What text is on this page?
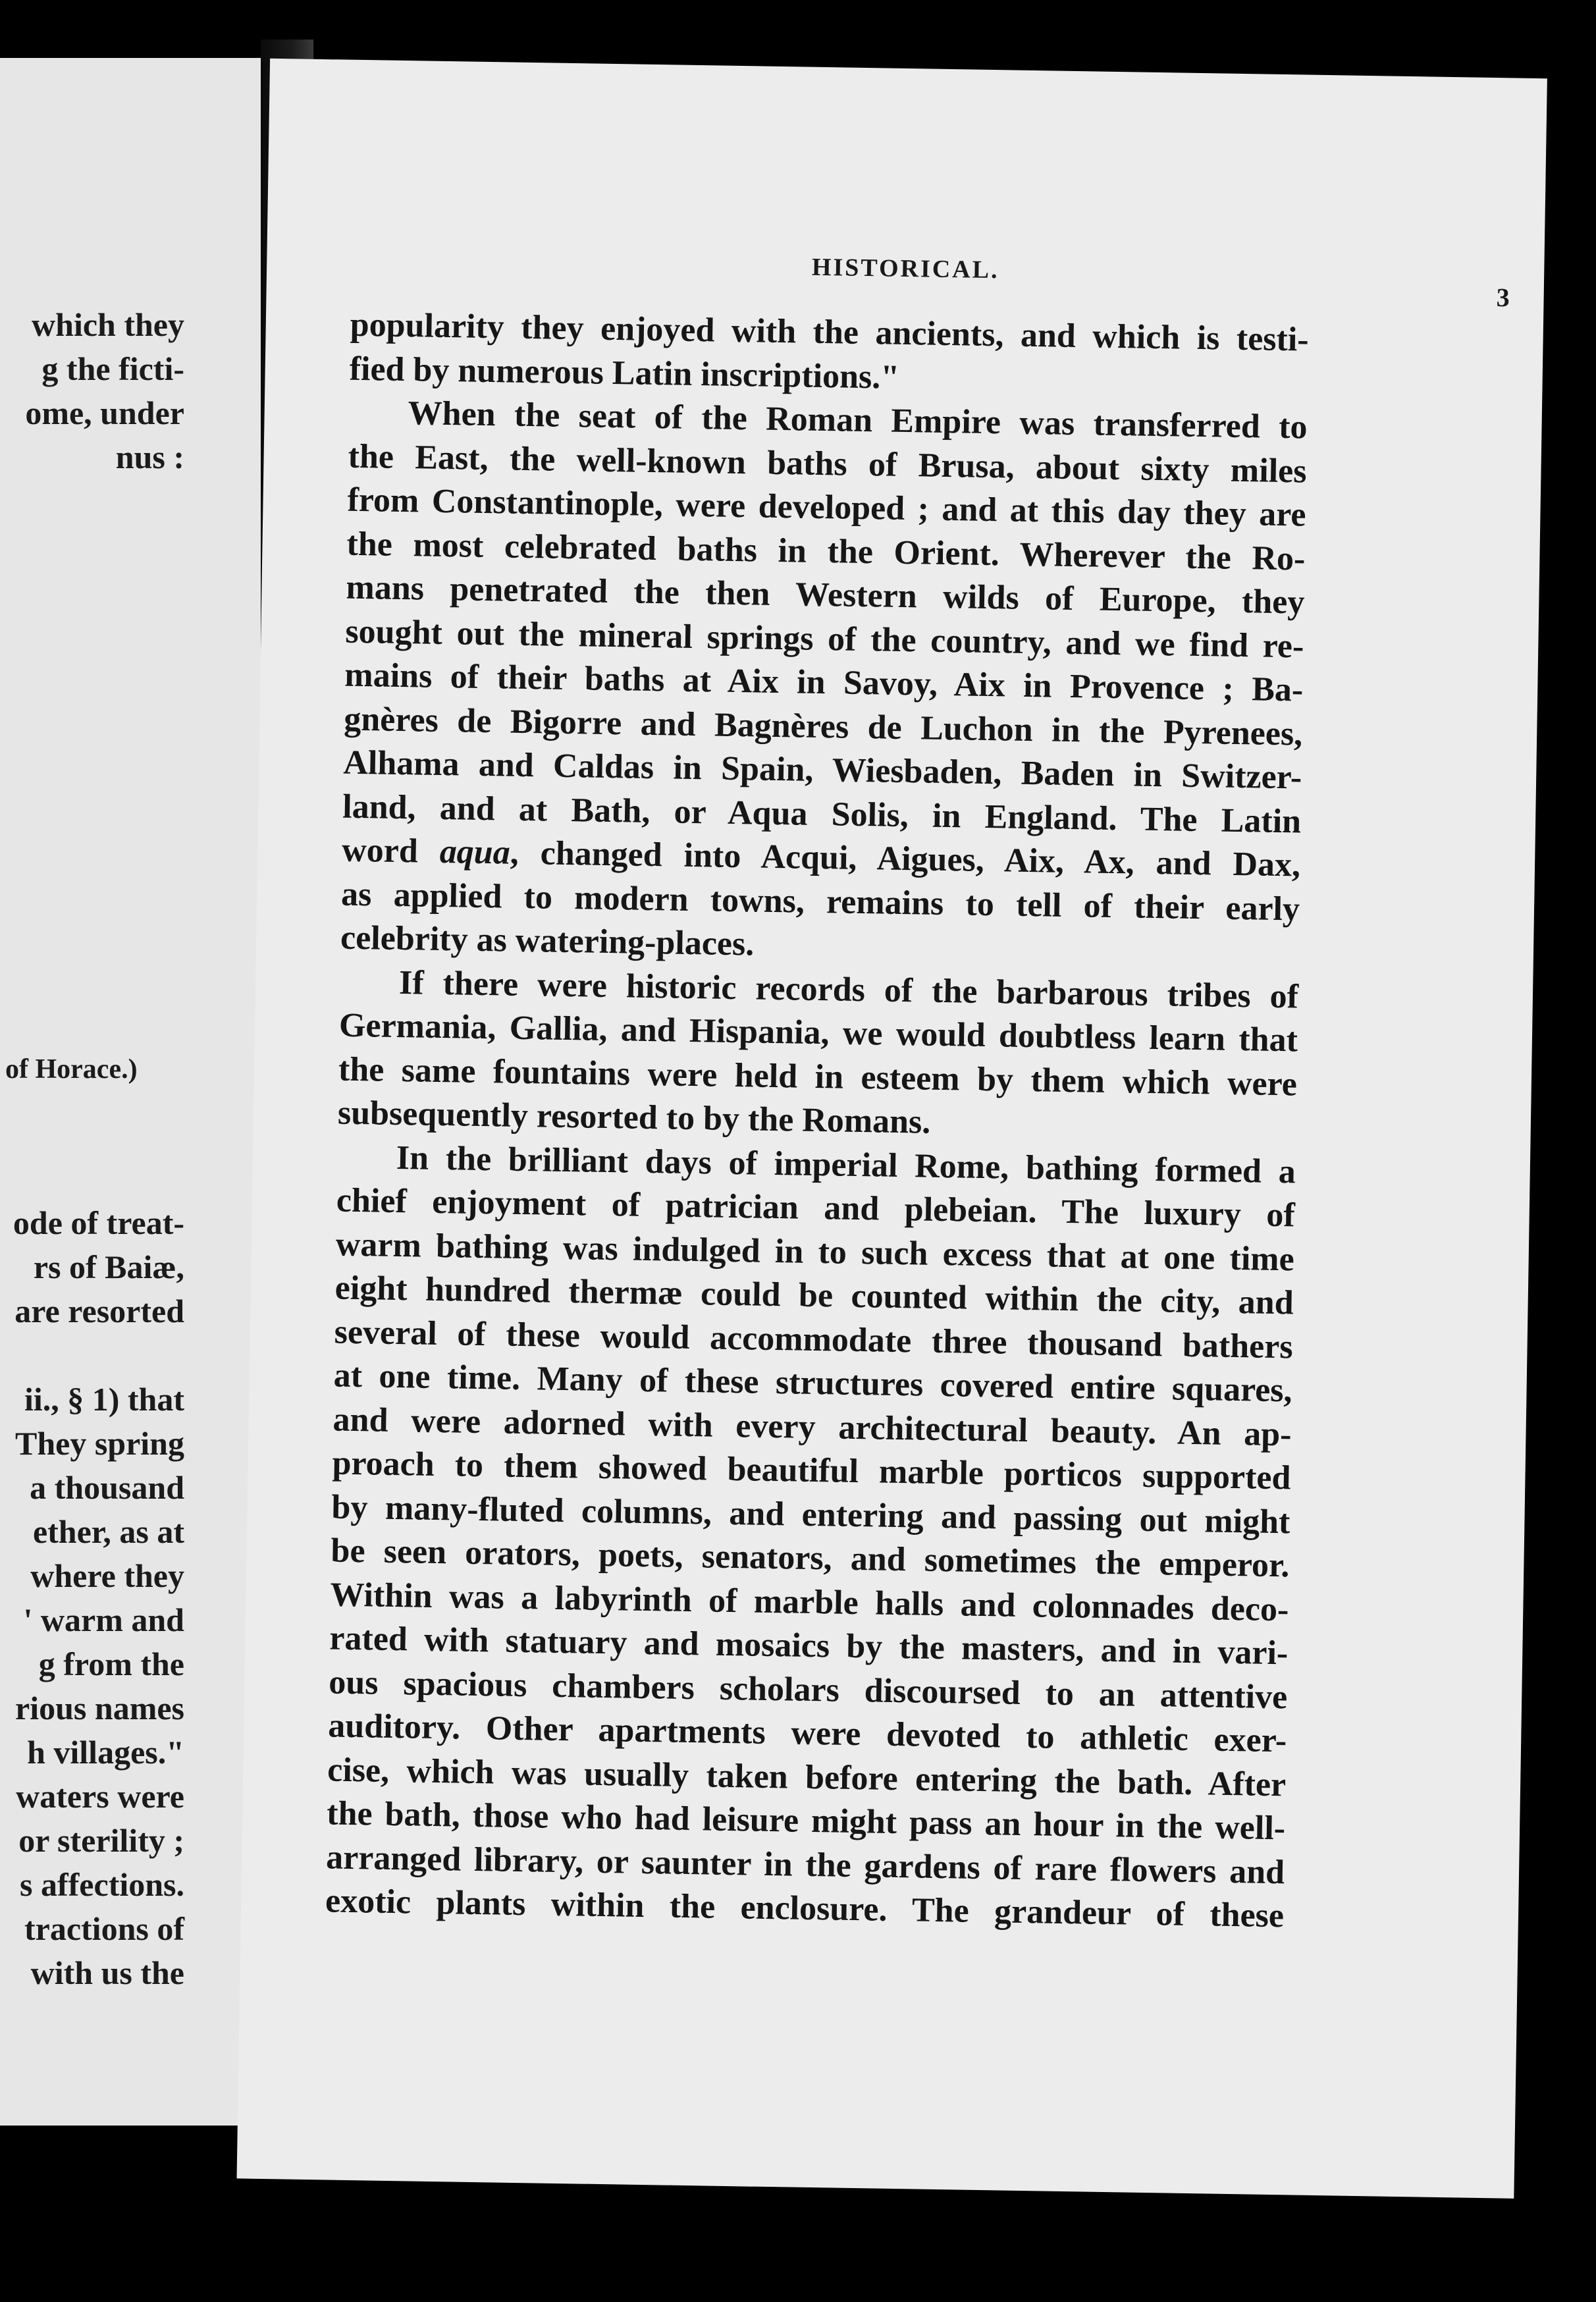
which they
g the ficti-
ome, under
nus :
of Horace.)
ode of treat-
rs of Baiæ,
are resorted
ii., § 1) that
They spring
a thousand
ether, as at
where they
' warm and
g from the
rious names
h villages."
waters were
or sterility ;
s affections.
tractions of
with us the
HISTORICAL.
3
popularity they enjoyed with the ancients, and which is testi-
fied by numerous Latin inscriptions."
When the seat of the Roman Empire was transferred to
the East, the well-known baths of Brusa, about sixty miles
from Constantinople, were developed ; and at this day they are
the most celebrated baths in the Orient. Wherever the Ro-
mans penetrated the then Western wilds of Europe, they
sought out the mineral springs of the country, and we find re-
mains of their baths at Aix in Savoy, Aix in Provence ; Ba-
gnères de Bigorre and Bagnères de Luchon in the Pyrenees,
Alhama and Caldas in Spain, Wiesbaden, Baden in Switzer-
land, and at Bath, or Aqua Solis, in England. The Latin
word aqua, changed into Acqui, Aigues, Aix, Ax, and Dax,
as applied to modern towns, remains to tell of their early
celebrity as watering-places.
If there were historic records of the barbarous tribes of
Germania, Gallia, and Hispania, we would doubtless learn that
the same fountains were held in esteem by them which were
subsequently resorted to by the Romans.
In the brilliant days of imperial Rome, bathing formed a
chief enjoyment of patrician and plebeian. The luxury of
warm bathing was indulged in to such excess that at one time
eight hundred thermæ could be counted within the city, and
several of these would accommodate three thousand bathers
at one time. Many of these structures covered entire squares,
and were adorned with every architectural beauty. An ap-
proach to them showed beautiful marble porticos supported
by many-fluted columns, and entering and passing out might
be seen orators, poets, senators, and sometimes the emperor.
Within was a labyrinth of marble halls and colonnades deco-
rated with statuary and mosaics by the masters, and in vari-
ous spacious chambers scholars discoursed to an attentive
auditory. Other apartments were devoted to athletic exer-
cise, which was usually taken before entering the bath. After
the bath, those who had leisure might pass an hour in the well-
arranged library, or saunter in the gardens of rare flowers and
exotic plants within the enclosure. The grandeur of these
